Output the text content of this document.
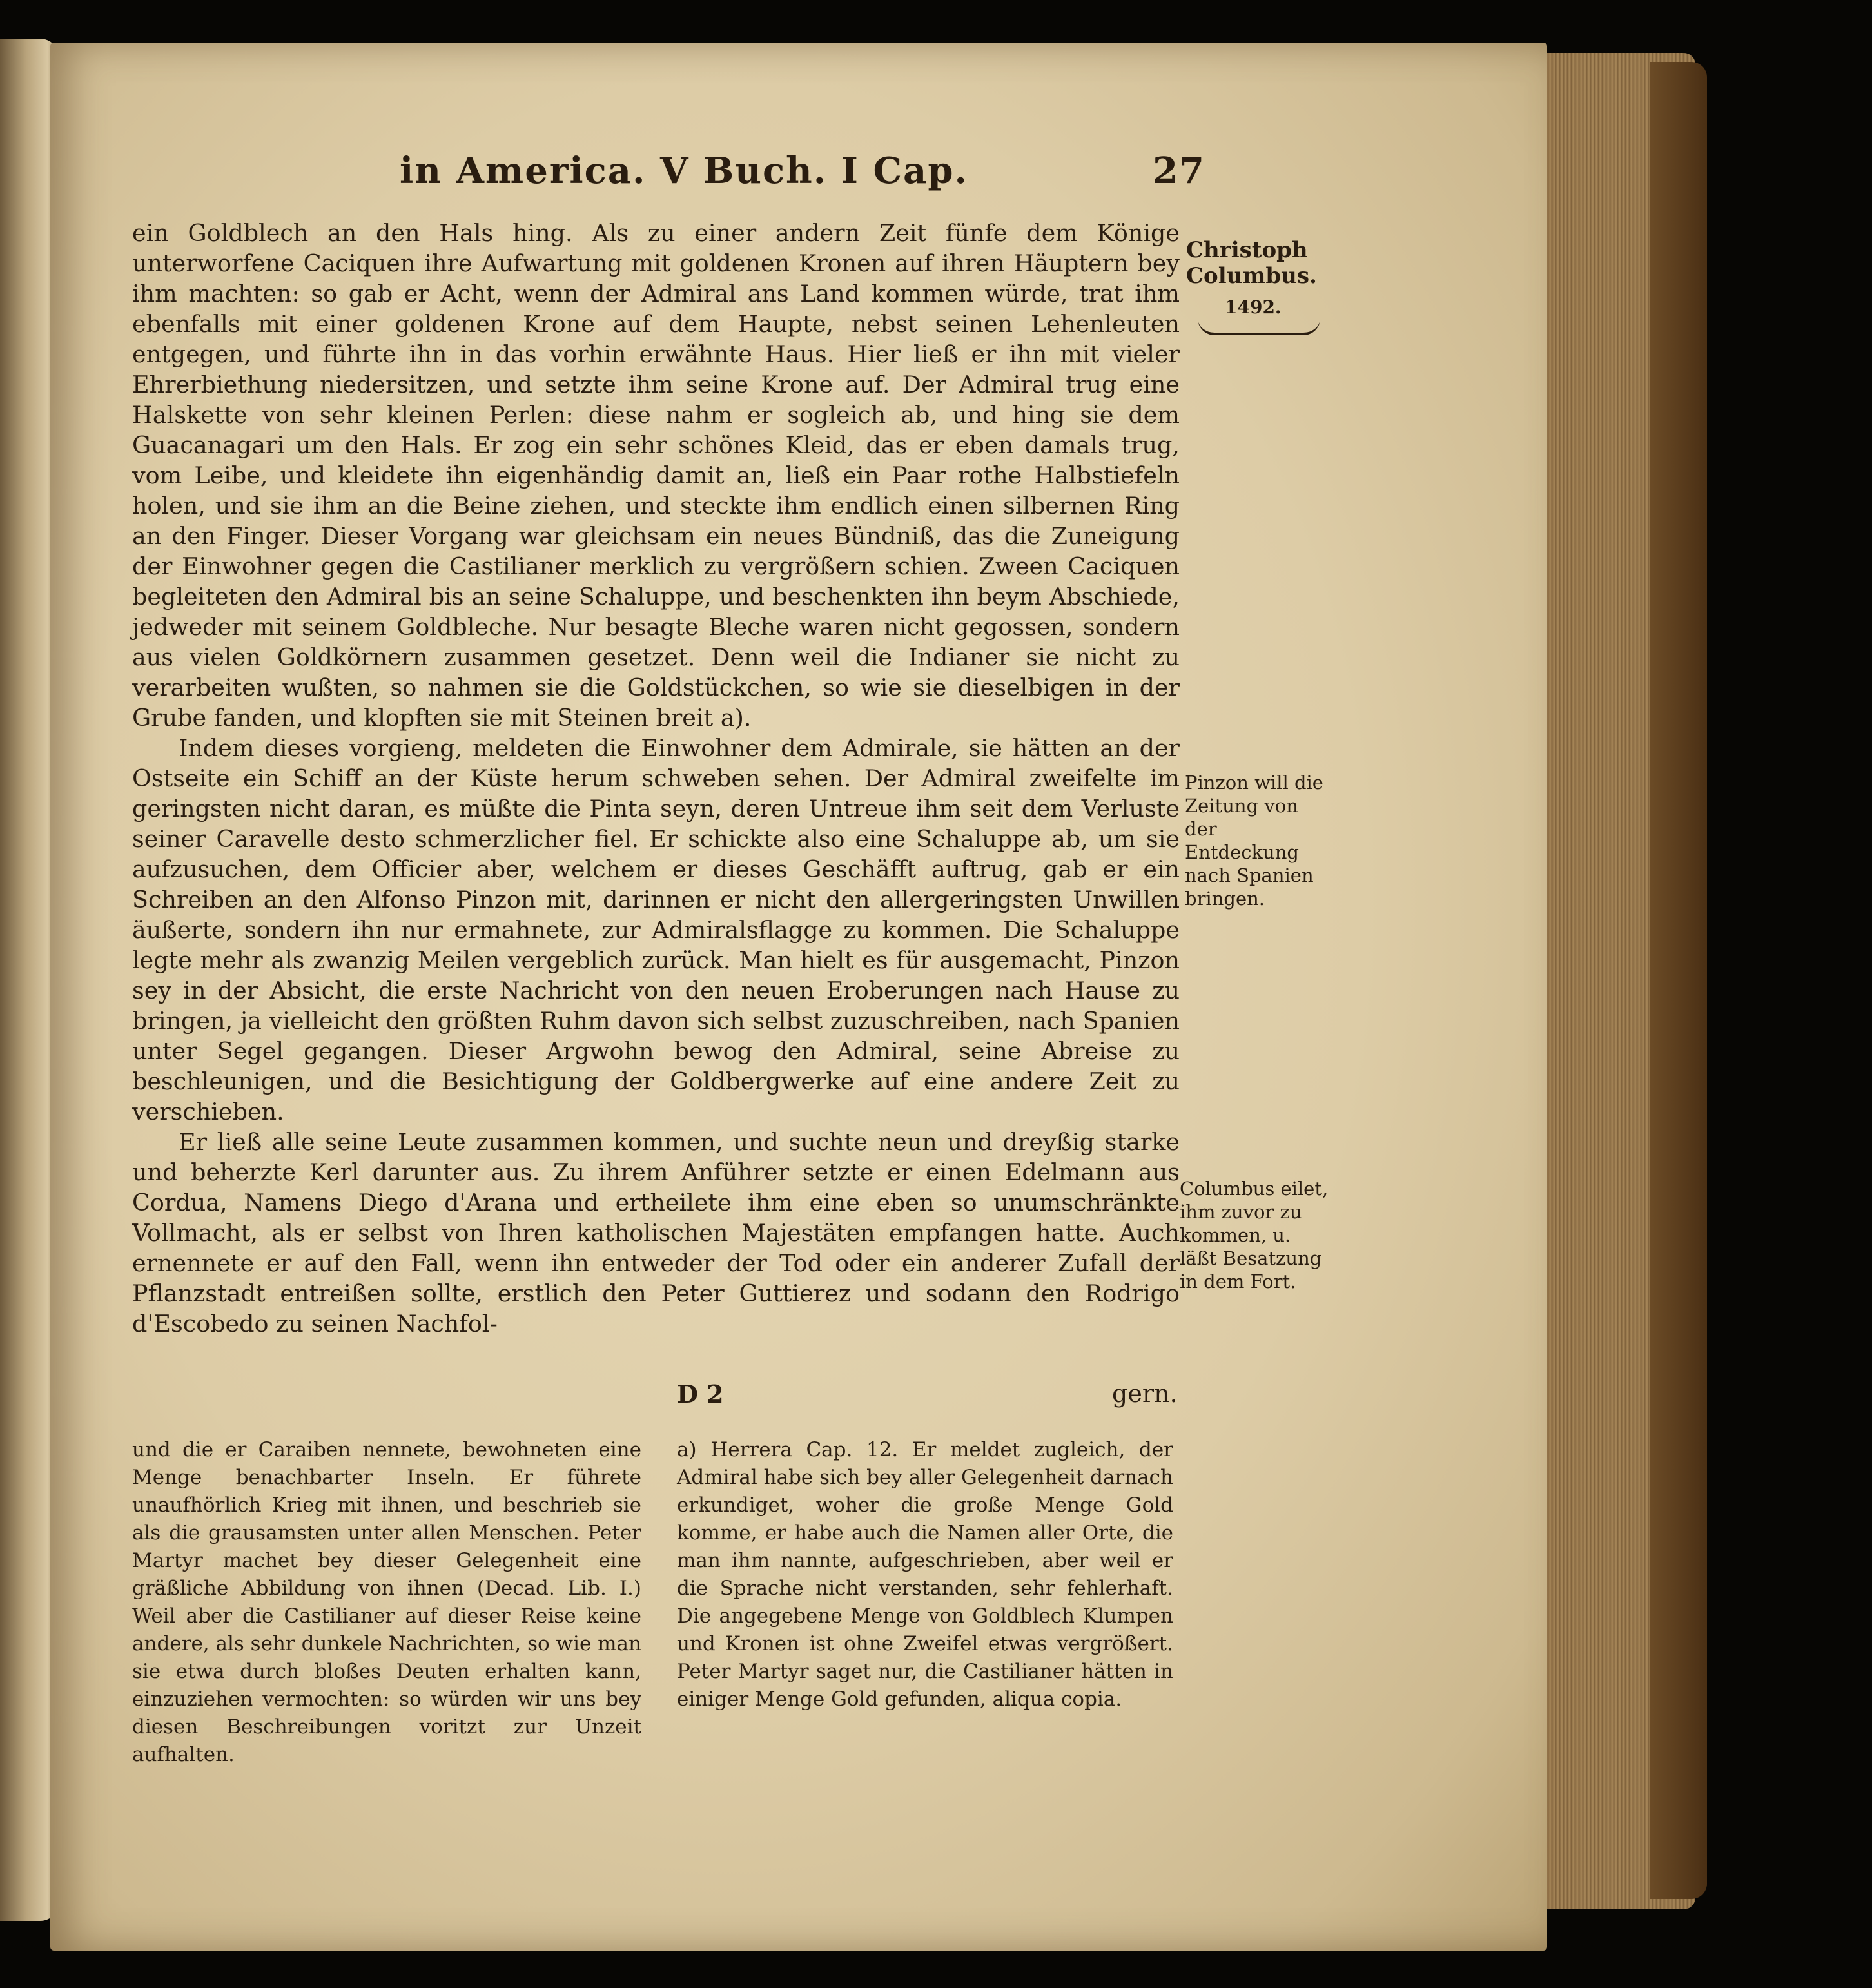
in America. V Buch. I Cap.	27

ein Goldblech an den Hals hing. Als zu einer andern Zeit fünfe dem Könige unterworfene Caciquen ihre Aufwartung mit goldenen Kronen auf ihren Häuptern bey ihm machten: so gab er Acht, wenn der Admiral ans Land kommen würde, trat ihm ebenfalls mit einer goldenen Krone auf dem Haupte, nebst seinen Lehenleuten entgegen, und führte ihn in das vorhin erwähnte Haus. Hier ließ er ihn mit vieler Ehrerbiethung niedersitzen, und setzte ihm seine Krone auf. Der Admiral trug eine Halskette von sehr kleinen Perlen: diese nahm er sogleich ab, und hing sie dem Guacanagari um den Hals. Er zog ein sehr schönes Kleid, das er eben damals trug, vom Leibe, und kleidete ihn eigenhändig damit an, ließ ein Paar rothe Halbstiefeln holen, und sie ihm an die Beine ziehen, und steckte ihm endlich einen silbernen Ring an den Finger. Dieser Vorgang war gleichsam ein neues Bündniß, das die Zuneigung der Einwohner gegen die Castilianer merklich zu vergrößern schien. Zween Caciquen begleiteten den Admiral bis an seine Schaluppe, und beschenkten ihn beym Abschiede, jedweder mit seinem Goldbleche. Nur besagte Bleche waren nicht gegossen, sondern aus vielen Goldkörnern zusammen gesetzet. Denn weil die Indianer sie nicht zu verarbeiten wußten, so nahmen sie die Goldstückchen, so wie sie dieselbigen in der Grube fanden, und klopften sie mit Steinen breit a).

Indem dieses vorgieng, meldeten die Einwohner dem Admirale, sie hätten an der Ostseite ein Schiff an der Küste herum schweben sehen. Der Admiral zweifelte im geringsten nicht daran, es müßte die Pinta seyn, deren Untreue ihm seit dem Verluste seiner Caravelle desto schmerzlicher fiel. Er schickte also eine Schaluppe ab, um sie aufzusuchen, dem Officier aber, welchem er dieses Geschäfft auftrug, gab er ein Schreiben an den Alfonso Pinzon mit, darinnen er nicht den allergeringsten Unwillen äußerte, sondern ihn nur ermahnete, zur Admiralsflagge zu kommen. Die Schaluppe legte mehr als zwanzig Meilen vergeblich zurück. Man hielt es für ausgemacht, Pinzon sey in der Absicht, die erste Nachricht von den neuen Eroberungen nach Hause zu bringen, ja vielleicht den größten Ruhm davon sich selbst zuzuschreiben, nach Spanien unter Segel gegangen. Dieser Argwohn bewog den Admiral, seine Abreise zu beschleunigen, und die Besichtigung der Goldbergwerke auf eine andere Zeit zu verschieben.

Er ließ alle seine Leute zusammen kommen, und suchte neun und dreyßig starke und beherzte Kerl darunter aus. Zu ihrem Anführer setzte er einen Edelmann aus Cordua, Namens Diego d'Arana und ertheilete ihm eine eben so unumschränkte Vollmacht, als er selbst von Ihren katholischen Majestäten empfangen hatte. Auch ernennete er auf den Fall, wenn ihn entweder der Tod oder ein anderer Zufall der Pflanzstadt entreißen sollte, erstlich den Peter Guttierez und sodann den Rodrigo d'Escobedo zu seinen Nachfol-

Christoph Columbus.
1492.
Pinzon will die Zeitung von der Entdeckung nach Spanien bringen.
Columbus eilet, ihm zuvor zu kommen, u. läßt Besatzung in dem Fort.
D 2	gern.
und die er Caraiben nennete, bewohneten eine Menge benachbarter Inseln. Er führete unaufhörlich Krieg mit ihnen, und beschrieb sie als die grausamsten unter allen Menschen. Peter Martyr machet bey dieser Gelegenheit eine gräßliche Abbildung von ihnen (Decad. Lib. I.) Weil aber die Castilianer auf dieser Reise keine andere, als sehr dunkele Nachrichten, so wie man sie etwa durch bloßes Deuten erhalten kann, einzuziehen vermochten: so würden wir uns bey diesen Beschreibungen voritzt zur Unzeit aufhalten.
a) Herrera Cap. 12. Er meldet zugleich, der Admiral habe sich bey aller Gelegenheit darnach erkundiget, woher die große Menge Gold komme, er habe auch die Namen aller Orte, die man ihm nannte, aufgeschrieben, aber weil er die Sprache nicht verstanden, sehr fehlerhaft. Die angegebene Menge von Goldblech Klumpen und Kronen ist ohne Zweifel etwas vergrößert. Peter Martyr saget nur, die Castilianer hätten in einiger Menge Gold gefunden, aliqua copia.
